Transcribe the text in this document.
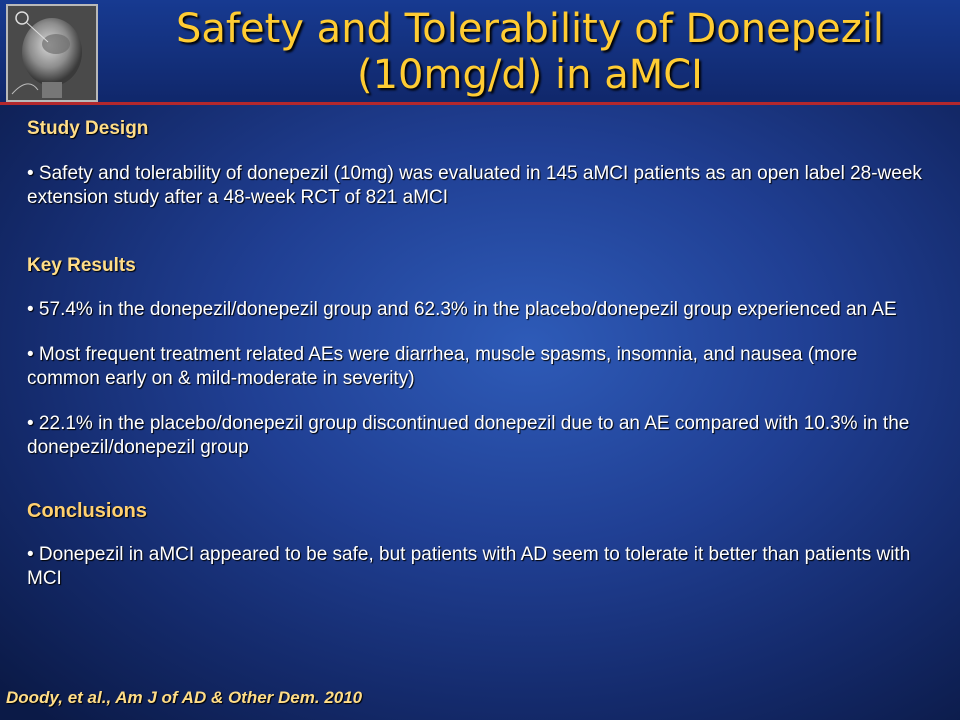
Safety and Tolerability of Donepezil
(10mg/d) in aMCI

Study Design

• Safety and tolerability of donepezil (10mg) was evaluated in 145 aMCI patients as an open label 28-week extension study after a 48-week RCT of 821 aMCI

Key Results

• 57.4% in the donepezil/donepezil group and 62.3% in the placebo/donepezil group experienced an AE

• Most frequent treatment related AEs were diarrhea, muscle spasms, insomnia, and nausea (more common early on & mild-moderate in severity)

• 22.1% in the placebo/donepezil group discontinued donepezil due to an AE compared with 10.3% in the donepezil/donepezil group

Conclusions

• Donepezil in aMCI appeared to be safe, but patients with AD seem to tolerate it better than patients with MCI

Doody, et al., Am J of AD & Other Dem. 2010
